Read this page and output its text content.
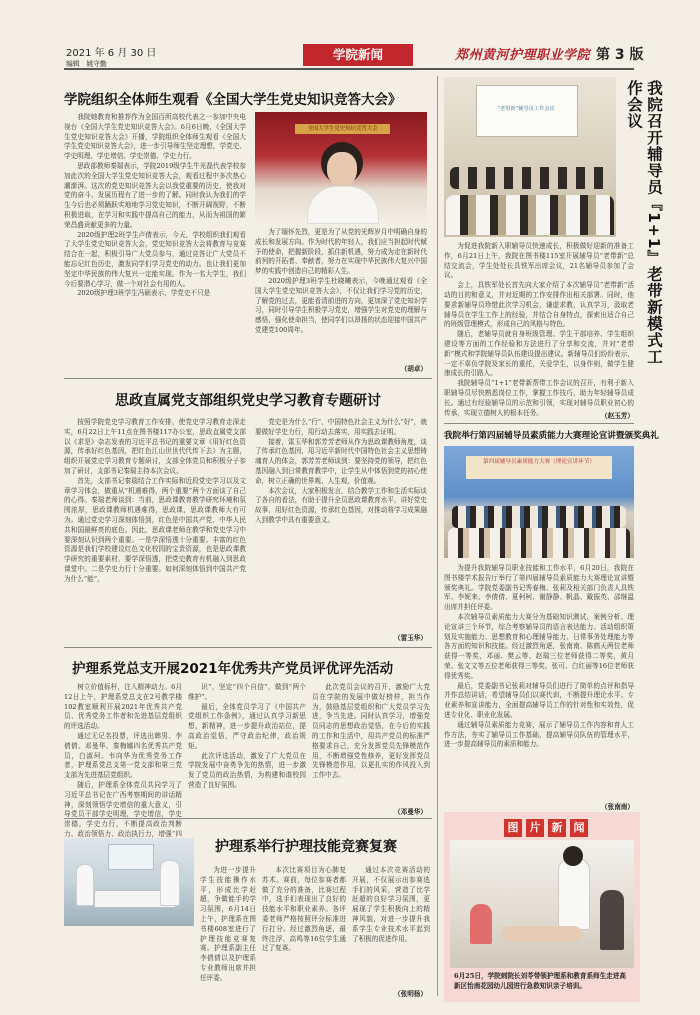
2021 年 6 月 30 日
编辑　姚守勤
学院新闻	郑州黄河护理职业学院 第 3 版
学院组织全体师生观看《全国大学生党史知识竞答大会》

我院她教育和推荐作为全国百所高校代表之一参加中央电视台《全国大学生党史知识竞答大会》。6月6日晚，《全国大学生党史知识竞答大会》开播，学院组织全体师生观看《全国大学生党史知识竞答大会》，进一步引导师生坚定理想，学党史、学史明理、学史增信、学史崇德、学史力行。

思政部教师秦瑞表示，学院2019级学生牛光磊代表学校参加此次的全国大学生党史知识竞答大会，观看过程中多次热心潮澎湃。这次的党史知识竞答大会以我党重要的历史，使我对党的奋斗、发展历程有了进一步的了解。同时我认为我们的学生今后也必须踊跃实地地学习党史知识，不断开阔视野，不断积极进取，在学习和实践中提高自己的能力，从而为祖国的繁荣昌盛贡献更多的力量。

2020级护理2班学生卢倩表示，今天，学校组织我们观看了大学生党史知识竞答大会，党史知识竞答大会将教育与竞赛结合在一起，积极引导广大党员参与，通过竞答让广大党员不能忘记红色历史，激发同学们学习党史的动力。也让我们更加坚定中华民族的伟大复兴一定能实现。作为一名大学生，我们今后要潜心学习，做一个对社会有用的人。

2020级护理3班学生冯硕表示，学党史不只是

全国大学生党史知识竞答大会

为了缅怀先烈，更是为了从党的光辉岁月中明确自身的成长和发展方向。作为时代的年轻人，我们应当担起时代赋予的使命，把握新阶段，抓住新机遇，努力成为走在新时代前列的开拓者、奉献者，努力在实现中华民族伟大复兴中国梦的实践中创造自己的精彩人生。

2020级护理3班学生杜晓曦表示，今晚通过观看《全国大学生党史知识竞答大会》，不仅让我们学习党的历史，了解党的过去，更能看清前进的方向，更加深了党史知识学习，同时引导学生积极学习党史，增强学生对党史的理解与感悟，强化使命担当，使同学们以昂扬的状态迎接中国共产党建党100周年。

（胡卓）
思政直属党支部组织党史学习教育专题研讨

按照学院党史学习教育工作安排，使党史学习教育走深走实，6月22日上午11点在图书楼117办公室，思政直属党支部以《求是》杂志发表的习近平总书记的重要文章《用好红色资源，传承好红色基因，把红色江山世世代代传下去》为主题，组织开展党史学习教育专题研讨，支部全体党员和积极分子参加了研讨，支部书记秦瑞主持本次会议。

首先，支部书记秦瑞结合工作实际和近段党史学习以及文章学习体会，做重从“机遇难得，两个重要”两个方面谈了自己的心得。秦瑞老师谈到：当前，思政课教育教学研究环境和氛围浓厚，思政课教师机遇难得，思政课，思政课教师大有可为。通过党史学习深刻体悟到，红色是中国共产党、中华人民共和国最鲜亮的底色。因此，思政课老师在教学和党史学习中要深刻认识到两个重要。一是学深悟透十分重要。丰富的红色资源是我们学校建设红色文化校园的宝贵资源，也是思政课教学研究的重要素材，要学深悟透，把党史教育有机融入到思政课堂中。二是学史力行十分重要。如何深刻体悟到中国共产党为什么“能”，

党史是为什么“行”，中国特色社会主义为什么“好”，就要做好学史力行，用行动去落实，用实践去证明。

接着，雷玉华和郭芳芳老师从作为思政课教师角度，谈了传承红色基因，用习近平新时代中国特色社会主义思想铸魂育人的体会，郭芳芳老师谈到：要坚持党的领导，把红色基因融入到日常教育教学中，让学生从中体悟到党的初心使命，树立正确的世界观、人生观、价值观。

本次会议，大家积极发言，结合教学工作和生活实际谈了各自的看法，有助于提升全员思政课教育水平，讲好党史故事，用好红色资源，传承红色基因，对推动将学习成果融入到教学中具有重要意义。

（雷玉华）
护理系党总支开展2021年优秀共产党员评优评先活动

树立价值标杆，注入精神动力。6月12日上午，护理系党总支在2号教学楼102教室顺利开展2021年优秀共产党员、优秀党务工作者和先进基层党组织的评选活动。

通过无记名投票，评选出韩男、李倩倩、邓曼华、秦梅娜四名优秀共产党员，白淑珂、韦向华为优秀党务工作者，护理系党总支第一党支部和第三党支部为先进基层党组织。

随后，护理系全体党员共同学习了习近平总书记在广西考察期间的讲话精神，深刻领悟学史增信的重大意义，引导党员干部学史明理，学史增信，学史崇德，学史力行，不断提高政治判断力、政治领悟力、政治执行力，增强“四

识”，坚定“四个自信”，做到“两个维护”。

最后，全体党员学习了《中国共产党组织工作条例》，通过认真学习新思想，新精神，进一步提升政治站位，提高政治觉悟，严守政治纪律，政治规矩。

此次评选活动，激发了广大党员在学院发展中奋勇争先的热情，进一步激发了党员的政治热情，为构建和谐校园营造了良好氛围。

此次党员会议的召开，激励广大党员在学院的发展中做好榜样，担当作为，鼓励基层党组织和广大党员学习先进，争当先进。同时认真学习，增强党员同志的思想政治觉悟，在今后的实践的工作和生活中，用共产党员的标准严格要求自己，充分发挥党员先锋模范作用，不断增强党性修养，更好发挥党员先锋模范作用，以更扎实的作风投入到工作中去。

（邓曼华）
护理系举行护理技能竞赛复赛

为进一步提升学生技能操作水平，形成比学赶超，争做能手的学习氛围，6月14日上午，护理系在图书楼608室进行了护理技能竞赛复赛。护理系副主任李倩倩以及护理系专业教师出席并担任评委。

本次比赛项目为心肺复苏术。赛前，每位参赛者都做了充分的准备，比赛过程中，选手们表现出了良好的技能水平和职业素养。各评委老师严格按照评分标准进行打分。经过激烈角逐，最终注浮、高鸣等16位学生通过了复赛。

通过本次竞赛活动的开展，不仅展示出参赛选手们的风采，营造了比学赶超的良好学习氛围，更展现了学生积极向上的精神风貌，对进一步提升我系学生专业技术水平起到了积极的促进作用。

（张明杨）
“老带新”辅导员工作会议	我院召开辅导员『1+1』老带新模式工作会议

为促进我院新入职辅导员快速成长，积极做好迎新的准备工作，6月21日上午，我院在图书楼115室开展辅导员“老带新”总结交流会，学生处处长具铁军出席会议，21名辅导员参加了会议。

会上，具铁军处长首先向大家介绍了本次辅导员“老带新”活动的目的和意义，并对近期的工作安排作出相关部署。同时，他要求新辅导员珍惜此次学习机会，谦虚求教，认真学习，汲取老辅导员在学生工作上的经验，并结合自身特点，探索出适合自己的班级管理模式，形成自己的风格与特色。

随后，老辅导员就自身班级管理、学生干部培养、学生组织建设等方面的工作经验和方法进行了分享和交流，并对“老带新”模式和学院辅导员队伍建设提出建议。新辅导员们纷纷表示，一定不辜负学院及家长的重托，关爱学生，以身作则，做学生健康成长的引路人。

我院辅导员“1+1”老带新帮带工作会议的召开，有利于新入职辅导员尽快熟悉岗位工作，掌握工作技巧，助力年轻辅导员成长。通过有经验辅导员的示范和引领，实现对辅导员职业初心的传承，实现立德树人的根本任务。	（赵玉芳）
我院举行第四届辅导员素质能力大赛理论宣讲暨颁奖典礼
第四届辅导员素质能力大赛（理论宣讲环节）

为提升我院辅导员职业技能和工作水平，6月20日，我院在图书楼学术报告厅举行了第四届辅导员素质能力大赛理论宣讲暨颁奖典礼。学院党委副书记秀春梅、张莉及相关部门负责人具铁军、李妮来、李倩倩、夏柯柯、谢静静、帆晶、戴振英、邵继温出席并担任评委。

本次辅导员素质能力大赛分为基础知识测试、案例分析、理论宣讲三个环节，综合考察辅导员的语言表达能力、活动组织策划及实施能力、思想教育和心理辅导能力、日常事务处理能力等各方面的知识和技能。经过激烈角逐，张南南、陈鹤天两位老师获得一等奖，邓丽、樊云等、赵瑞三位老师获得二等奖，黄月荣、张文文等五位老师获得三等奖，张可、白红丽等16位老师获得优秀奖。

最后，党委副书记张莉对辅导员们进行了简单的点评和指导并作总结讲话，希望辅导员们以赛代训，不断提升理论水平、专业素养和宣讲能力，全面提高辅导员工作的针对性和实效性，促进专业化、职业化发展。

通过辅导员素质能力竞赛，展示了辅导员工作内容和育人工作方法，夯实了辅导员工作基础，提高辅导员队伍的管理水平，进一步提高辅导员的素质和能力。

（张南南）
图 片 新 闻
6月25日，学院刺院长刘苓带领护理系和教育系师生走进高新区怡南花园幼儿园进行急救知识亲子培训。
